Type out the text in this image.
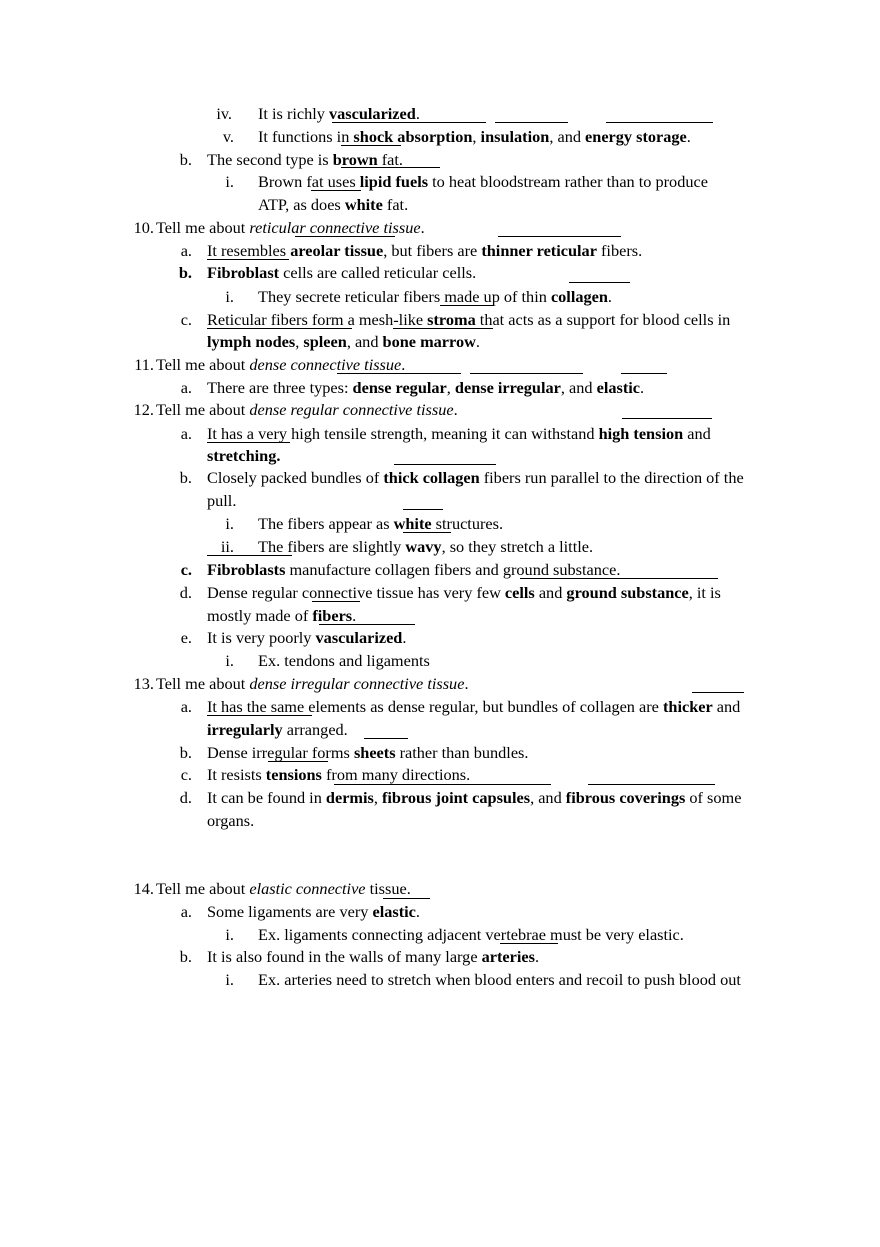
iv. It is richly vascularized.
v. It functions in shock absorption, insulation, and energy storage.
b. The second type is brown fat.
i. Brown fat uses lipid fuels to heat bloodstream rather than to produce
ATP, as does white fat.
10. Tell me about reticular connective tissue.
a. It resembles areolar tissue, but fibers are thinner reticular fibers.
b. Fibroblast cells are called reticular cells.
i. They secrete reticular fibers made up of thin collagen.
c. Reticular fibers form a mesh-like stroma that acts as a support for blood cells in
lymph nodes, spleen, and bone marrow.
11. Tell me about dense connective tissue.
a. There are three types: dense regular, dense irregular, and elastic.
12. Tell me about dense regular connective tissue.
a. It has a very high tensile strength, meaning it can withstand high tension and
stretching.
b. Closely packed bundles of thick collagen fibers run parallel to the direction of the
pull.
i. The fibers appear as white structures.
ii. The fibers are slightly wavy, so they stretch a little.
c. Fibroblasts manufacture collagen fibers and ground substance.
d. Dense regular connective tissue has very few cells and ground substance, it is
mostly made of fibers.
e. It is very poorly vascularized.
i. Ex. tendons and ligaments
13. Tell me about dense irregular connective tissue.
a. It has the same elements as dense regular, but bundles of collagen are thicker and
irregularly arranged.
b. Dense irregular forms sheets rather than bundles.
c. It resists tensions from many directions.
d. It can be found in dermis, fibrous joint capsules, and fibrous coverings of some
organs.
14. Tell me about elastic connective tissue.
a. Some ligaments are very elastic.
i. Ex. ligaments connecting adjacent vertebrae must be very elastic.
b. It is also found in the walls of many large arteries.
i. Ex. arteries need to stretch when blood enters and recoil to push blood out
